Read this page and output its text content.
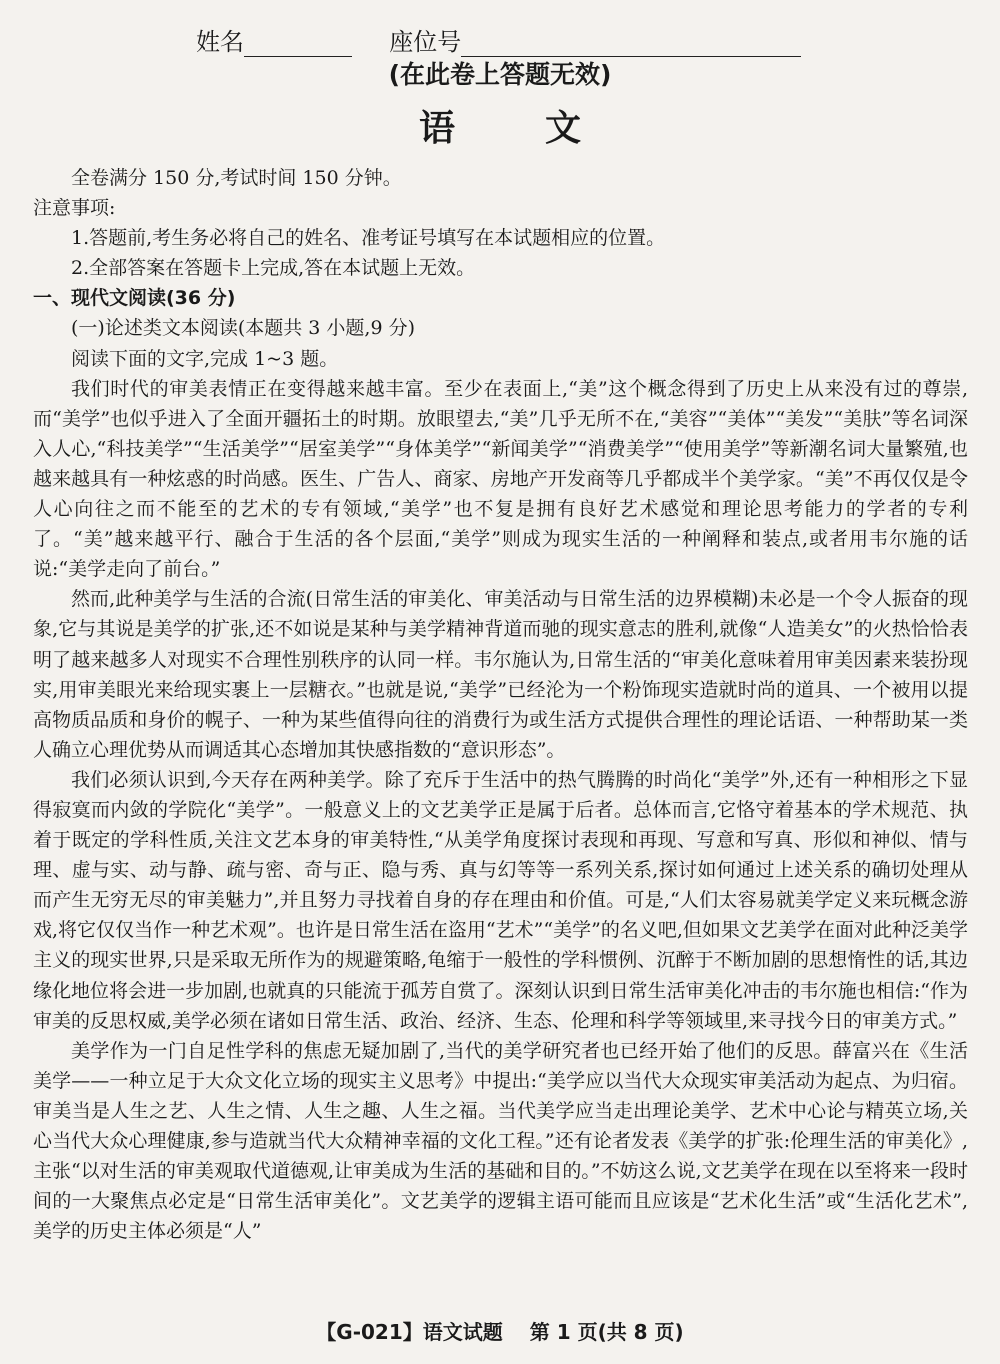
姓名	座位号
(在此卷上答题无效)
语文

全卷满分 150 分,考试时间 150 分钟。

注意事项:

1.答题前,考生务必将自己的姓名、准考证号填写在本试题相应的位置。

2.全部答案在答题卡上完成,答在本试题上无效。

一、现代文阅读(36 分)

(一)论述类文本阅读(本题共 3 小题,9 分)

阅读下面的文字,完成 1~3 题。

我们时代的审美表情正在变得越来越丰富。至少在表面上,“美”这个概念得到了历史上从来没有过的尊崇,而“美学”也似乎进入了全面开疆拓土的时期。放眼望去,“美”几乎无所不在,“美容”“美体”“美发”“美肤”等名词深入人心,“科技美学”“生活美学”“居室美学”“身体美学”“新闻美学”“消费美学”“使用美学”等新潮名词大量繁殖,也越来越具有一种炫惑的时尚感。医生、广告人、商家、房地产开发商等几乎都成半个美学家。“美”不再仅仅是令人心向往之而不能至的艺术的专有领域,“美学”也不复是拥有良好艺术感觉和理论思考能力的学者的专利了。“美”越来越平行、融合于生活的各个层面,“美学”则成为现实生活的一种阐释和装点,或者用韦尔施的话说:“美学走向了前台。”

然而,此种美学与生活的合流(日常生活的审美化、审美活动与日常生活的边界模糊)未必是一个令人振奋的现象,它与其说是美学的扩张,还不如说是某种与美学精神背道而驰的现实意志的胜利,就像“人造美女”的火热恰恰表明了越来越多人对现实不合理性别秩序的认同一样。韦尔施认为,日常生活的“审美化意味着用审美因素来装扮现实,用审美眼光来给现实裹上一层糖衣。”也就是说,“美学”已经沦为一个粉饰现实造就时尚的道具、一个被用以提高物质品质和身价的幌子、一种为某些值得向往的消费行为或生活方式提供合理性的理论话语、一种帮助某一类人确立心理优势从而调适其心态增加其快感指数的“意识形态”。

我们必须认识到,今天存在两种美学。除了充斥于生活中的热气腾腾的时尚化“美学”外,还有一种相形之下显得寂寞而内敛的学院化“美学”。一般意义上的文艺美学正是属于后者。总体而言,它恪守着基本的学术规范、执着于既定的学科性质,关注文艺本身的审美特性,“从美学角度探讨表现和再现、写意和写真、形似和神似、情与理、虚与实、动与静、疏与密、奇与正、隐与秀、真与幻等等一系列关系,探讨如何通过上述关系的确切处理从而产生无穷无尽的审美魅力”,并且努力寻找着自身的存在理由和价值。可是,“人们太容易就美学定义来玩概念游戏,将它仅仅当作一种艺术观”。也许是日常生活在盗用“艺术”“美学”的名义吧,但如果文艺美学在面对此种泛美学主义的现实世界,只是采取无所作为的规避策略,龟缩于一般性的学科惯例、沉醉于不断加剧的思想惰性的话,其边缘化地位将会进一步加剧,也就真的只能流于孤芳自赏了。深刻认识到日常生活审美化冲击的韦尔施也相信:“作为审美的反思权威,美学必须在诸如日常生活、政治、经济、生态、伦理和科学等领域里,来寻找今日的审美方式。”

美学作为一门自足性学科的焦虑无疑加剧了,当代的美学研究者也已经开始了他们的反思。薛富兴在《生活美学——一种立足于大众文化立场的现实主义思考》中提出:“美学应以当代大众现实审美活动为起点、为归宿。审美当是人生之艺、人生之情、人生之趣、人生之福。当代美学应当走出理论美学、艺术中心论与精英立场,关心当代大众心理健康,参与造就当代大众精神幸福的文化工程。”还有论者发表《美学的扩张:伦理生活的审美化》,主张“以对生活的审美观取代道德观,让审美成为生活的基础和目的。”不妨这么说,文艺美学在现在以至将来一段时间的一大聚焦点必定是“日常生活审美化”。文艺美学的逻辑主语可能而且应该是“艺术化生活”或“生活化艺术”,美学的历史主体必须是“人”

【G-021】语文试题 第 1 页(共 8 页)
